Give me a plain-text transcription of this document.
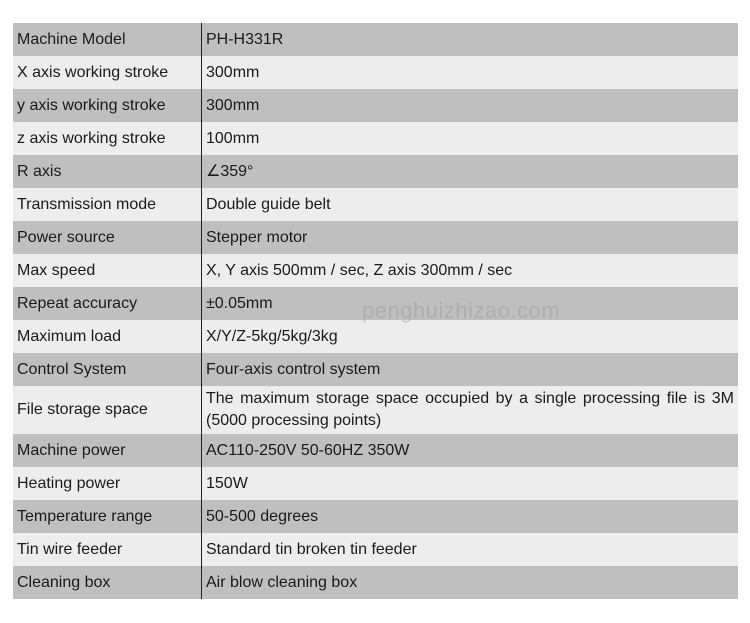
Machine Model	PH-H331R
X axis working stroke	300mm
y axis working stroke	300mm
z axis working stroke	100mm
R axis	∠359°
Transmission mode	Double guide belt
Power source	Stepper motor
Max speed	X, Y axis 500mm / sec, Z axis 300mm / sec
Repeat accuracy	±0.05mm
Maximum load	X/Y/Z-5kg/5kg/3kg
Control System	Four-axis control system
File storage space	The maximum storage space occupied by a single processing file is 3M (5000 processing points)
Machine power	AC110-250V 50-60HZ 350W
Heating power	150W
Temperature range	50-500 degrees
Tin wire feeder	Standard tin broken tin feeder
Cleaning box	Air blow cleaning box
penghuizhizao.com
